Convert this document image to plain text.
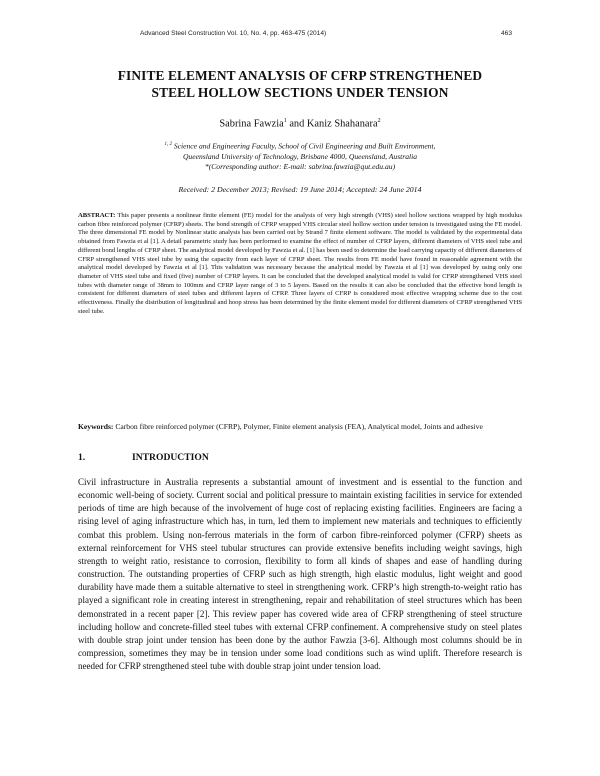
Advanced Steel Construction Vol. 10, No. 4, pp. 463-475 (2014)	463
FINITE ELEMENT ANALYSIS OF CFRP STRENGTHENED
STEEL HOLLOW SECTIONS UNDER TENSION
Sabrina Fawzia$^1$ and Kaniz Shahanara$^2$
$^{1, 2}$ Science and Engineering Faculty, School of Civil Engineering and Built Environment,
Queensland University of Technology, Brisbane 4000, Queensland, Australia
*(Corresponding author: E-mail: sabrina.fawzia@qut.edu.au)
Received: 2 December 2013; Revised: 19 June 2014; Accepted: 24 June 2014
ABSTRACT: This paper presents a nonlinear finite element (FE) model for the analysis of very high strength (VHS) steel hollow sections wrapped by high modulus carbon fibre reinforced polymer (CFRP) sheets. The bond strength of CFRP wrapped VHS circular steel hollow section under tension is investigated using the FE model. The three dimensional FE model by Nonlinear static analysis has been carried out by Strand 7 finite element software. The model is validated by the experimental data obtained from Fawzia et al [1]. A detail parametric study has been performed to examine the effect of number of CFRP layers, different diameters of VHS steel tube and different bond lengths of CFRP sheet. The analytical model developed by Fawzia et al. [1] has been used to determine the load carrying capacity of different diameters of CFRP strengthened VHS steel tube by using the capacity from each layer of CFRP sheet. The results from FE model have found in reasonable agreement with the analytical model developed by Fawzia et al [1]. This validation was necessary because the analytical model by Fawzia et al [1] was developed by using only one diameter of VHS steel tube and fixed (five) number of CFRP layers. It can be concluded that the developed analytical model is valid for CFRP strengthened VHS steel tubes with diameter range of 38mm to 100mm and CFRP layer range of 3 to 5 layers. Based on the results it can also be concluded that the effective bond length is consistent for different diameters of steel tubes and different layers of CFRP. Three layers of CFRP is considered most effective wrapping scheme due to the cost effectiveness. Finally the distribution of longitudinal and hoop stress has been determined by the finite element model for different diameters of CFRP strengthened VHS steel tube.
Keywords: Carbon fibre reinforced polymer (CFRP), Polymer, Finite element analysis (FEA), Analytical model, Joints and adhesive
1.	INTRODUCTION
Civil infrastructure in Australia represents a substantial amount of investment and is essential to the function and economic well-being of society. Current social and political pressure to maintain existing facilities in service for extended periods of time are high because of the involvement of huge cost of replacing existing facilities. Engineers are facing a rising level of aging infrastructure which has, in turn, led them to implement new materials and techniques to efficiently combat this problem. Using non-ferrous materials in the form of carbon fibre-reinforced polymer (CFRP) sheets as external reinforcement for VHS steel tubular structures can provide extensive benefits including weight savings, high strength to weight ratio, resistance to corrosion, flexibility to form all kinds of shapes and ease of handling during construction. The outstanding properties of CFRP such as high strength, high elastic modulus, light weight and good durability have made them a suitable alternative to steel in strengthening work. CFRP’s high strength-to-weight ratio has played a significant role in creating interest in strengthening, repair and rehabilitation of steel structures which has been demonstrated in a recent paper [2]. This review paper has covered wide area of CFRP strengthening of steel structure including hollow and concrete-filled steel tubes with external CFRP confinement. A comprehensive study on steel plates with double strap joint under tension has been done by the author Fawzia [3-6]. Although most columns should be in compression, sometimes they may be in tension under some load conditions such as wind uplift. Therefore research is needed for CFRP strengthened steel tube with double strap joint under tension load.
